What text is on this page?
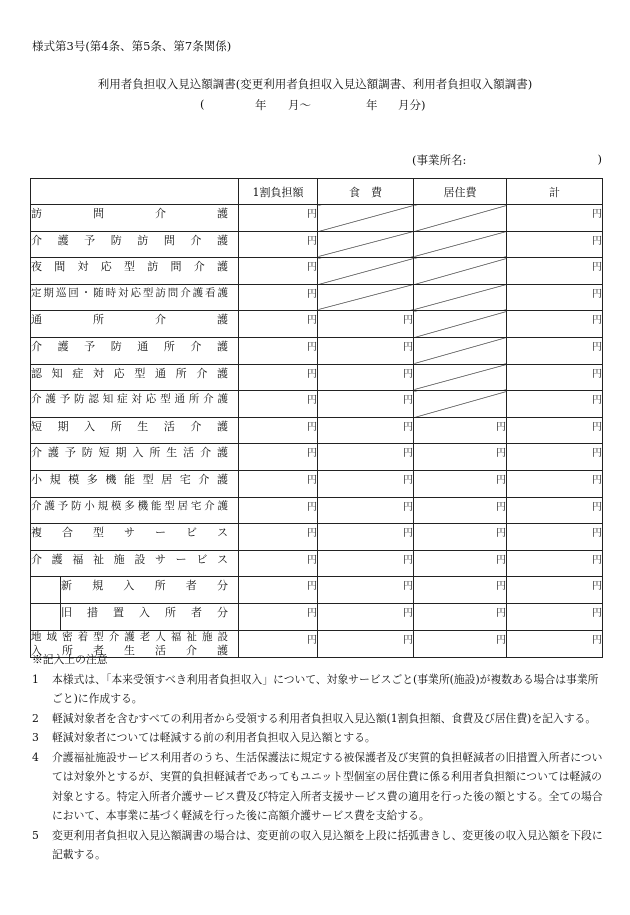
様式第3号(第4条、第5条、第7条関係)
利用者負担収入見込額調書(変更利用者負担収入見込額調書、利用者負担収入額調書)
(	年 月〜	年 月分)
(事業所名:	)
		1割負担額	食　費	居住費	計

訪問介護		円			円

介護予防訪問介護		円			円

夜間対応型訪問介護		円			円

定期巡回・随時対応型訪問介護看護		円			円

通所介護		円	円		円

介護予防通所介護		円	円		円

認知症対応型通所介護		円	円		円

介護予防認知症対応型通所介護		円	円		円

短期入所生活介護		円	円	円	円

介護予防短期入所生活介護		円	円	円	円

小規模多機能型居宅介護		円	円	円	円

介護予防小規模多機能型居宅介護		円	円	円	円

複合型サービス		円	円	円	円

介護福祉施設サービス		円	円	円	円

	新規入所者分	円	円	円	円

	旧措置入所者分	円	円	円	円

地域密着型介護老人福祉施設
入所者生活介護		円	円	円	円
※記入上の注意
1 本様式は、「本来受領すべき利用者負担収入」について、対象サービスごと(事業所(施設)が複数ある場合は事業所ごと)に作成する。
2 軽減対象者を含むすべての利用者から受領する利用者負担収入見込額(1割負担額、食費及び居住費)を記入する。
3 軽減対象者については軽減する前の利用者負担収入見込額とする。
4 介護福祉施設サービス利用者のうち、生活保護法に規定する被保護者及び実質的負担軽減者の旧措置入所者については対象外とするが、実質的負担軽減者であってもユニット型個室の居住費に係る利用者負担額については軽減の対象とする。特定入所者介護サービス費及び特定入所者支援サービス費の適用を行った後の額とする。全ての場合において、本事業に基づく軽減を行った後に高額介護サービス費を支給する。
5 変更利用者負担収入見込額調書の場合は、変更前の収入見込額を上段に括弧書きし、変更後の収入見込額を下段に記載する。
